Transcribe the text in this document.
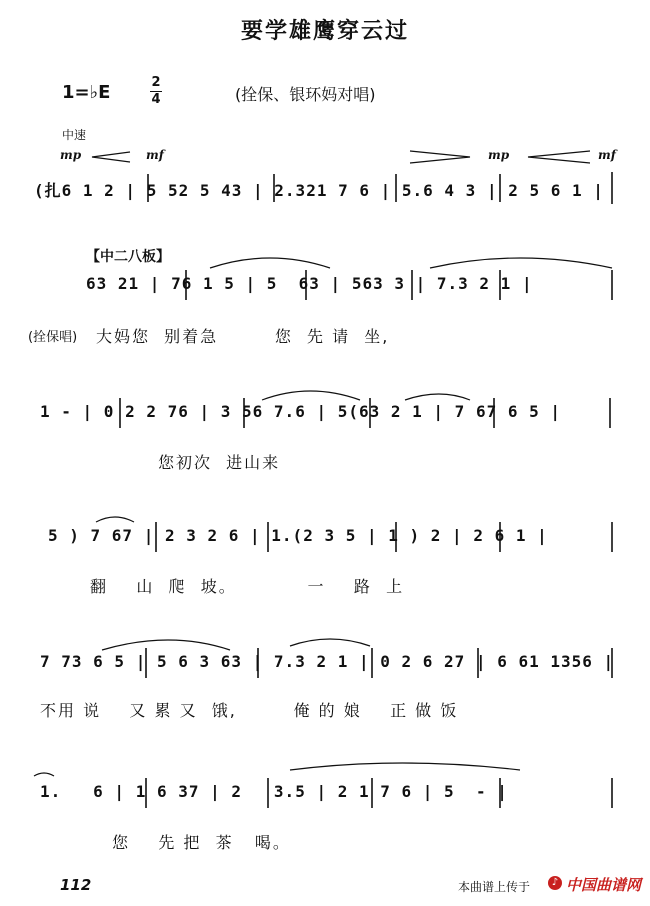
要学雄鹰穿云过
1=♭E	2
4	(拴保、银环妈对唱)
中速
mp	mf	mp	mf
(扎6 1 2 | 5 52 5 43 | 2.321 7 6 | 5.6 4 3 | 2 5 6 1 |
【中二八板】
63 21 | 76 1 5 | 5  63 | 563 3 | 7.3 2 1 |
(拴保唱) 大妈您  别着急        您  先 请  坐,
1 - | 0 2 2 76 | 3 56 7.6 | 5(63 2 1 | 7 67 6 5 |
您初次  进山来
5 ) 7 67 | 2 3 2 6 | 1.(2 3 5 | 1 ) 2 | 2 6 1 |
翻    山  爬  坡。          一    路  上
7 73 6 5 | 5 6 3 63 | 7.3 2 1 | 0 2 6 27 | 6 61 1356 |
不用 说    又 累 又  饿,        俺 的 娘    正 做 饭
1.   6 | 1 6 37 | 2   3.5 | 2 1 7 6 | 5  - |
您    先 把  茶   喝。
112	本曲谱上传于	♪ 中国曲谱网
